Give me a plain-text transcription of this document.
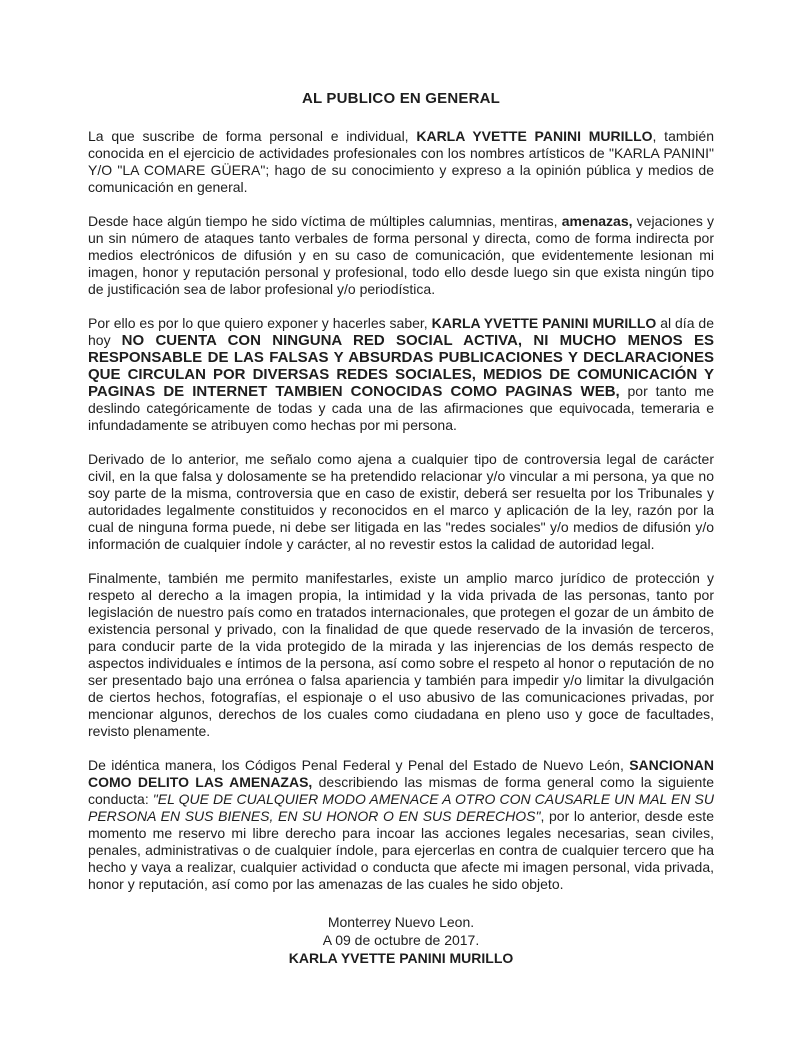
AL PUBLICO EN GENERAL

La que suscribe de forma personal e individual, KARLA YVETTE PANINI MURILLO, también conocida en el ejercicio de actividades profesionales con los nombres artísticos de "KARLA PANINI" Y/O "LA COMARE GÜERA"; hago de su conocimiento y expreso a la opinión pública y medios de comunicación en general.

Desde hace algún tiempo he sido víctima de múltiples calumnias, mentiras, amenazas, vejaciones y un sin número de ataques tanto verbales de forma personal y directa, como de forma indirecta por medios electrónicos de difusión y en su caso de comunicación, que evidentemente lesionan mi imagen, honor y reputación personal y profesional, todo ello desde luego sin que exista ningún tipo de justificación sea de labor profesional y/o periodística.

Por ello es por lo que quiero exponer y hacerles saber, KARLA YVETTE PANINI MURILLO al día de hoy NO CUENTA CON NINGUNA RED SOCIAL ACTIVA, NI MUCHO MENOS ES RESPONSABLE DE LAS FALSAS Y ABSURDAS PUBLICACIONES Y DECLARACIONES QUE CIRCULAN POR DIVERSAS REDES SOCIALES, MEDIOS DE COMUNICACIÓN Y PAGINAS DE INTERNET TAMBIEN CONOCIDAS COMO PAGINAS WEB, por tanto me deslindo categóricamente de todas y cada una de las afirmaciones que equivocada, temeraria e infundadamente se atribuyen como hechas por mi persona.

Derivado de lo anterior, me señalo como ajena a cualquier tipo de controversia legal de carácter civil, en la que falsa y dolosamente se ha pretendido relacionar y/o vincular a mi persona, ya que no soy parte de la misma, controversia que en caso de existir, deberá ser resuelta por los Tribunales y autoridades legalmente constituidos y reconocidos en el marco y aplicación de la ley, razón por la cual de ninguna forma puede, ni debe ser litigada en las "redes sociales" y/o medios de difusión y/o información de cualquier índole y carácter, al no revestir estos la calidad de autoridad legal.

Finalmente, también me permito manifestarles, existe un amplio marco jurídico de protección y respeto al derecho a la imagen propia, la intimidad y la vida privada de las personas, tanto por legislación de nuestro país como en tratados internacionales, que protegen el gozar de un ámbito de existencia personal y privado, con la finalidad de que quede reservado de la invasión de terceros, para conducir parte de la vida protegido de la mirada y las injerencias de los demás respecto de aspectos individuales e íntimos de la persona, así como sobre el respeto al honor o reputación de no ser presentado bajo una errónea o falsa apariencia y también para impedir y/o limitar la divulgación de ciertos hechos, fotografías, el espionaje o el uso abusivo de las comunicaciones privadas, por mencionar algunos, derechos de los cuales como ciudadana en pleno uso y goce de facultades, revisto plenamente.

De idéntica manera, los Códigos Penal Federal y Penal del Estado de Nuevo León, SANCIONAN COMO DELITO LAS AMENAZAS, describiendo las mismas de forma general como la siguiente conducta: "EL QUE DE CUALQUIER MODO AMENACE A OTRO CON CAUSARLE UN MAL EN SU PERSONA EN SUS BIENES, EN SU HONOR O EN SUS DERECHOS", por lo anterior, desde este momento me reservo mi libre derecho para incoar las acciones legales necesarias, sean civiles, penales, administrativas o de cualquier índole, para ejercerlas en contra de cualquier tercero que ha hecho y vaya a realizar, cualquier actividad o conducta que afecte mi imagen personal, vida privada, honor y reputación, así como por las amenazas de las cuales he sido objeto.

Monterrey Nuevo Leon.
A 09 de octubre de 2017.
KARLA YVETTE PANINI MURILLO
